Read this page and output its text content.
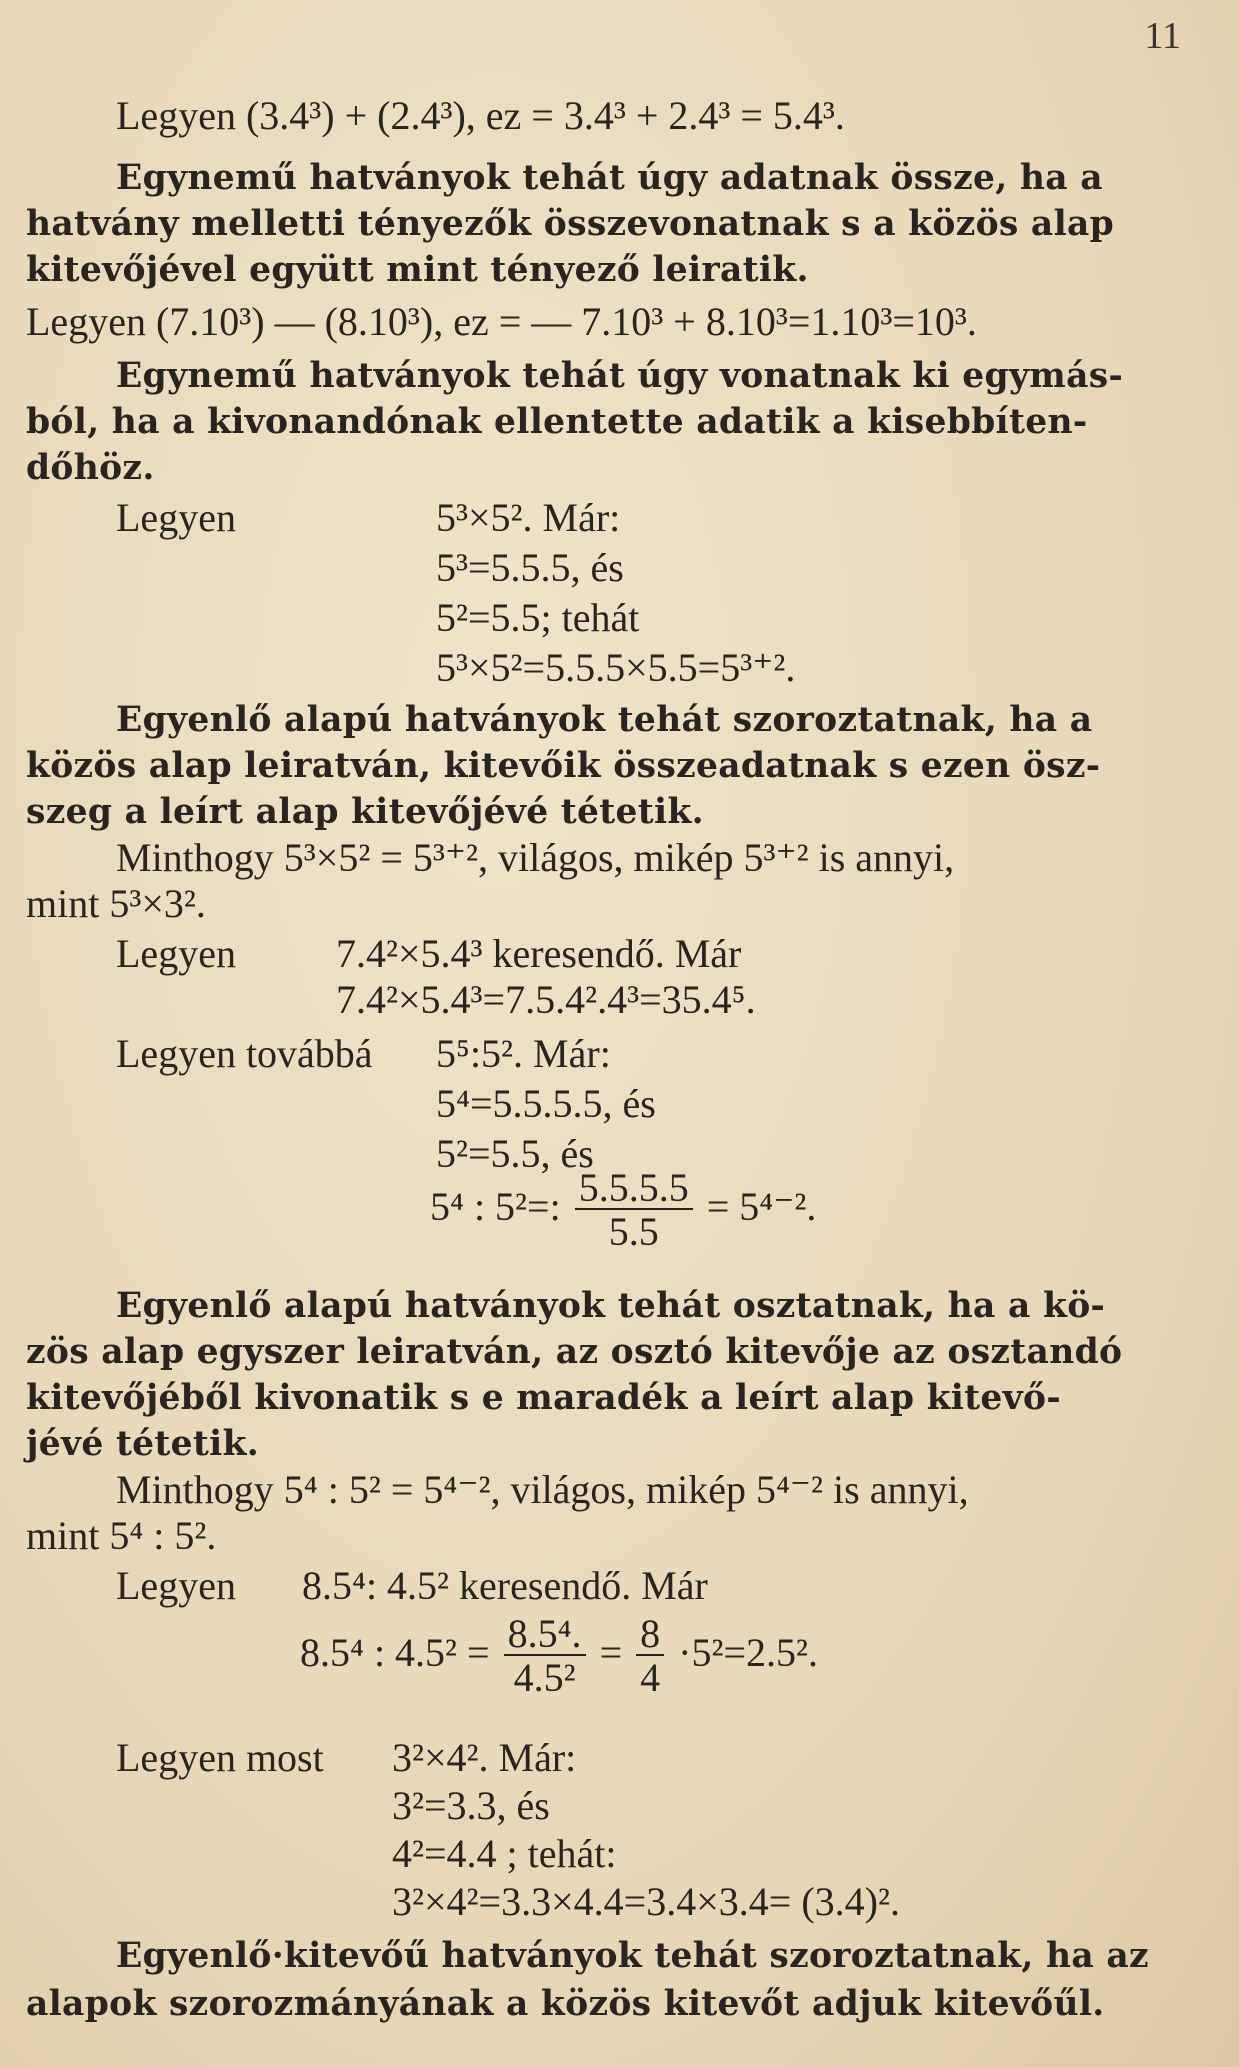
11
Legyen (3.4³) + (2.4³), ez = 3.4³ + 2.4³ = 5.4³.
Egynemű hatványok tehát úgy adatnak össze, ha a
hatvány melletti tényezők összevonatnak s a közös alap
kitevőjével együtt mint tényező leiratik.
Legyen (7.10³) — (8.10³), ez = — 7.10³ + 8.10³=1.10³=10³.
Egynemű hatványok tehát úgy vonatnak ki egymás-
ból, ha a kivonandónak ellentette adatik a kisebbíten-
dőhöz.
Legyen	5³×5². Már:
5³=5.5.5, és
5²=5.5; tehát
5³×5²=5.5.5×5.5=5³⁺².
Egyenlő alapú hatványok tehát szoroztatnak, ha a
közös alap leiratván, kitevőik összeadatnak s ezen ösz-
szeg a leírt alap kitevőjévé tétetik.
Minthogy 5³×5² = 5³⁺², világos, mikép 5³⁺² is annyi,
mint 5³×3².
Legyen	7.4²×5.4³ keresendő. Már
7.4²×5.4³=7.5.4².4³=35.4⁵.
Legyen továbbá 5⁵:5². Már:
5⁴=5.5.5.5, és
5²=5.5, és
5⁴ : 5²=: $\frac{5.5.5.5}{5.5} = 5^{4-2}$.
Egyenlő alapú hatványok tehát osztatnak, ha a kö-
zös alap egyszer leiratván, az osztó kitevője az osztandó
kitevőjéből kivonatik s e maradék a leírt alap kitevő-
jévé tétetik.
Minthogy 5⁴ : 5² = 5⁴⁻², világos, mikép 5⁴⁻² is annyi,
mint 5⁴ : 5².
Legyen 8.5⁴: 4.5² keresendő. Már
8.5⁴ : $4.5^2 = \frac{\text{8.5⁴.}}{\text{4.5²}} = \frac{8}{4} \cdot 5^2=2.5^2$.
Legyen most 3²×4². Már:
3²=3.3, és
4²=4.4 ; tehát:
3²×4²=3.3×4.4=3.4×3.4= (3.4)².
Egyenlő·kitevőű hatványok tehát szoroztatnak, ha az
alapok szorozmányának a közös kitevőt adjuk kitevőűl.
